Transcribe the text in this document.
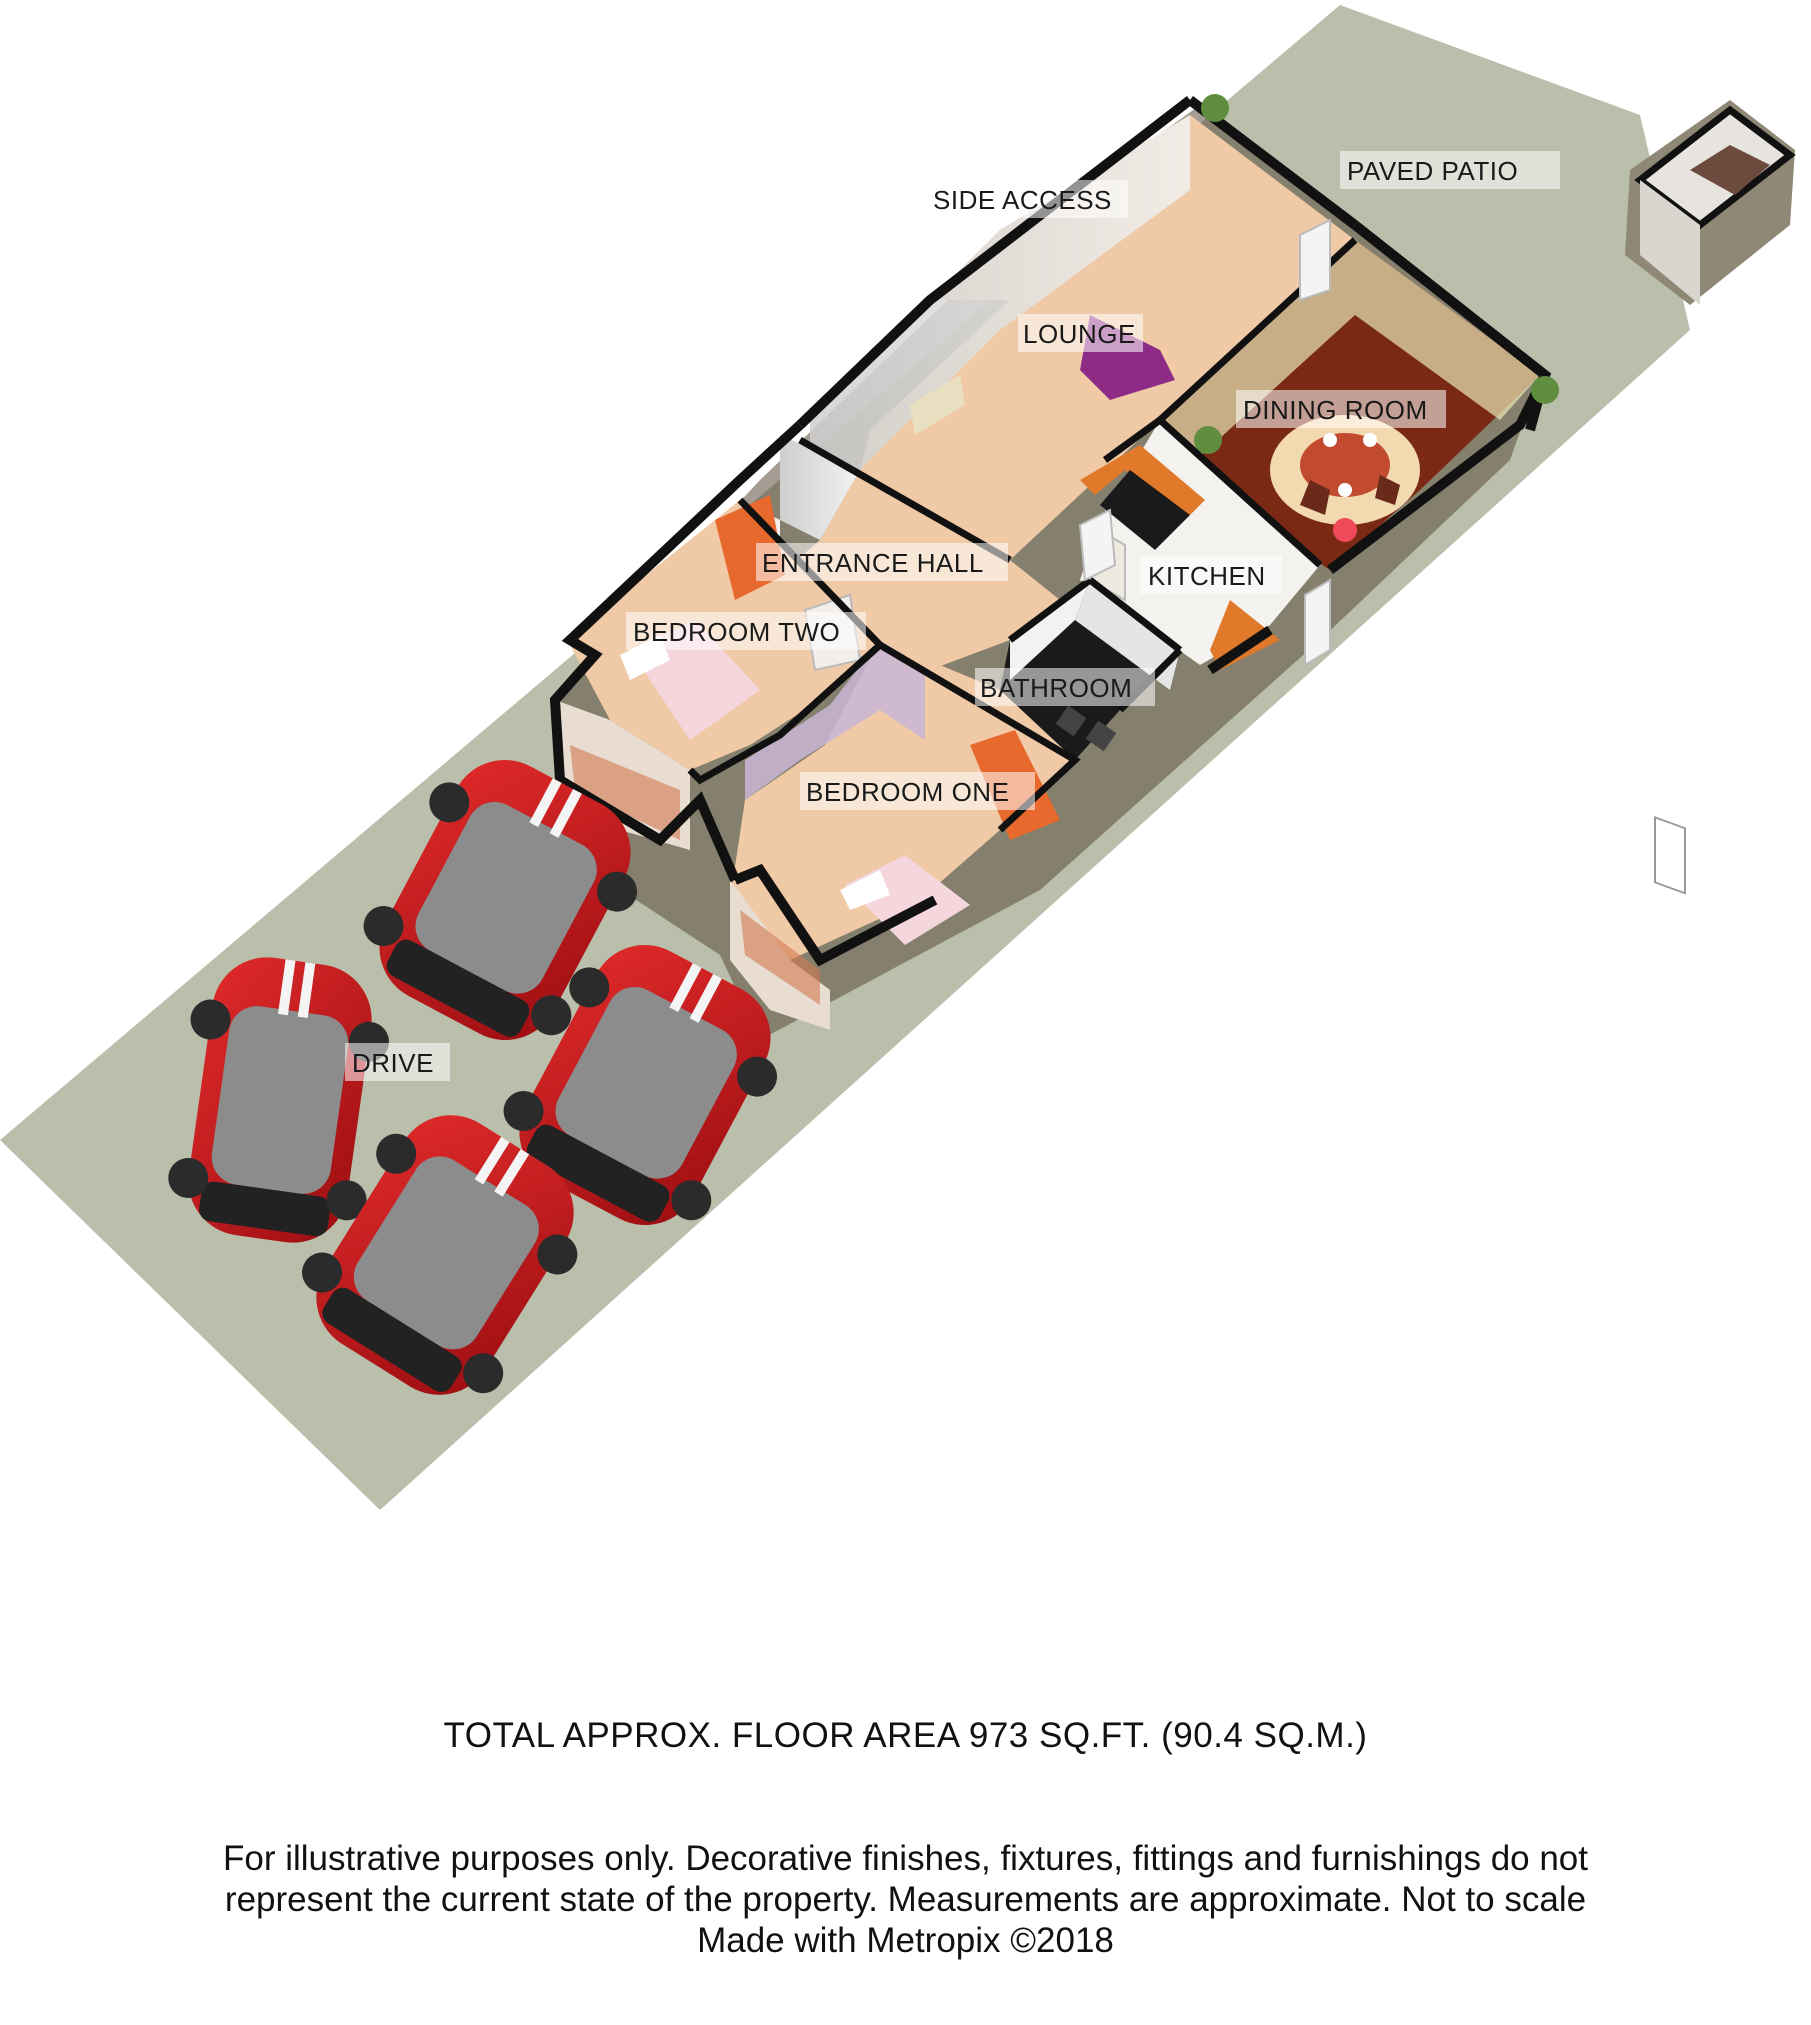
SIDE ACCESS
PAVED PATIO
LOUNGE
DINING ROOM
ENTRANCE HALL	KITCHEN
BEDROOM TWO
BATHROOM
BEDROOM ONE
DRIVE
TOTAL APPROX. FLOOR AREA 973 SQ.FT. (90.4 SQ.M.)
For illustrative purposes only. Decorative finishes, fixtures, fittings and furnishings do not
represent the current state of the property. Measurements are approximate. Not to scale
Made with Metropix ©2018
